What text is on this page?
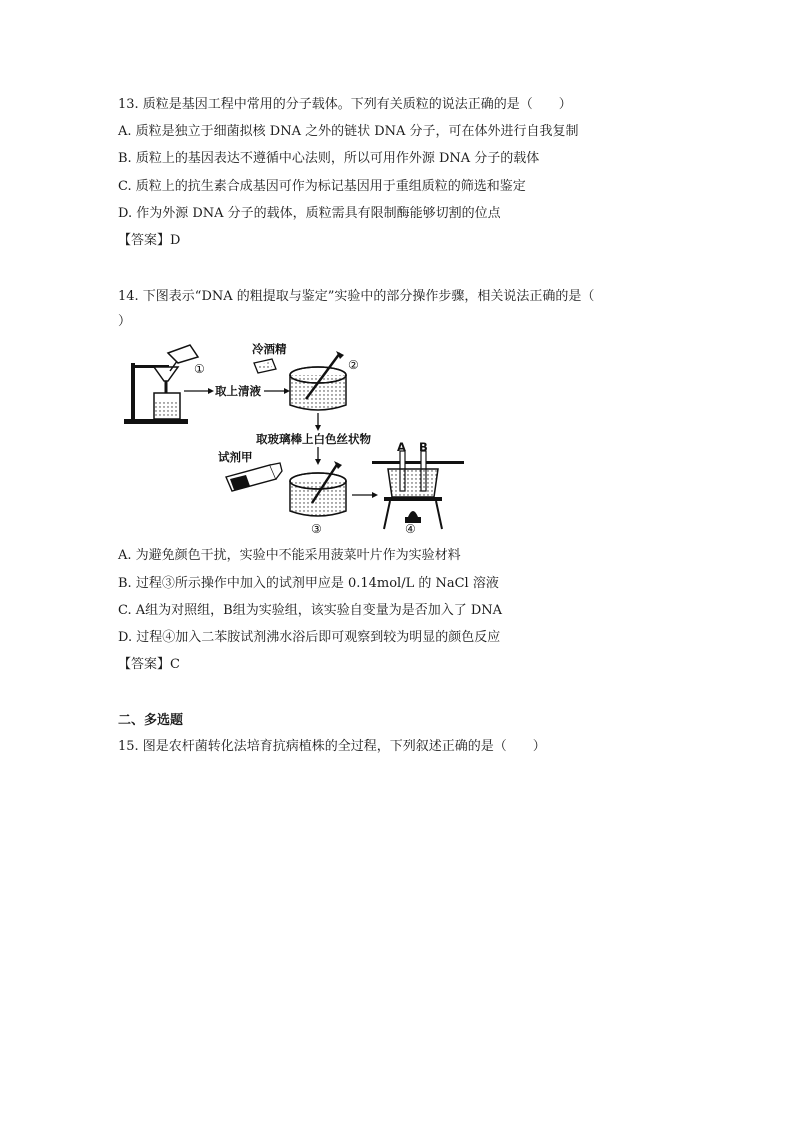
13. 质粒是基因工程中常用的分子载体。下列有关质粒的说法正确的是（　　）
A. 质粒是独立于细菌拟核 DNA 之外的链状 DNA 分子，可在体外进行自我复制
B. 质粒上的基因表达不遵循中心法则，所以可用作外源 DNA 分子的载体
C. 质粒上的抗生素合成基因可作为标记基因用于重组质粒的筛选和鉴定
D. 作为外源 DNA 分子的载体，质粒需具有限制酶能够切割的位点
【答案】D
14. 下图表示“DNA 的粗提取与鉴定”实验中的部分操作步骤，相关说法正确的是（
）
①
取上清液
冷酒精
②
取玻璃棒上白色丝状物
试剂甲
③
A B
④
A. 为避免颜色干扰，实验中不能采用菠菜叶片作为实验材料
B. 过程③所示操作中加入的试剂甲应是 0.14mol/L 的 NaCl 溶液
C. A组为对照组，B组为实验组，该实验自变量为是否加入了 DNA
D. 过程④加入二苯胺试剂沸水浴后即可观察到较为明显的颜色反应
【答案】C
二、多选题
15. 图是农杆菌转化法培育抗病植株的全过程，下列叙述正确的是（　　）
